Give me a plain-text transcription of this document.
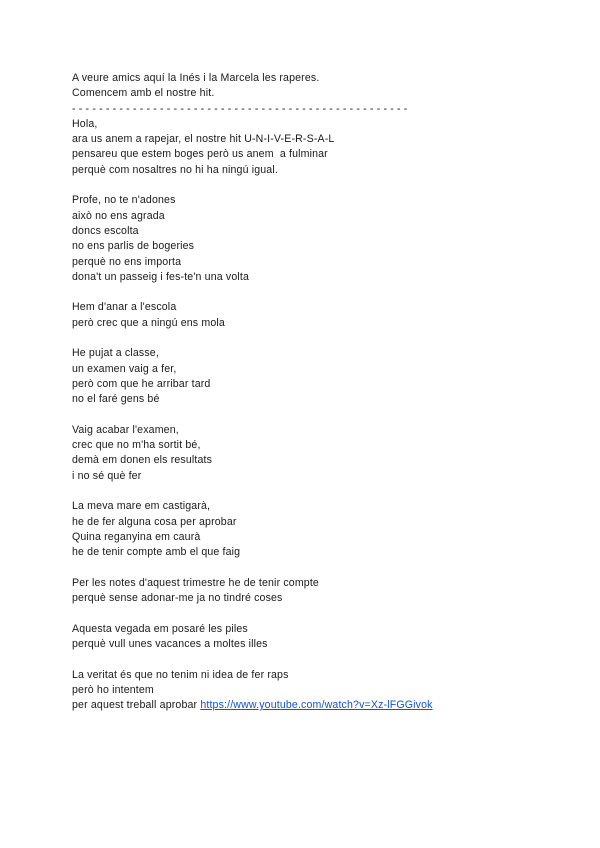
A veure amics aquí la Inés i la Marcela les raperes.
Comencem amb el nostre hit.
- - - - - - - - - - - - - - - - - - - - - - - - - - - - - - - - - - - - - - - - - - - - - - - - - -
Hola,
ara us anem a rapejar, el nostre hit U-N-I-V-E-R-S-A-L
pensareu que estem boges però us anem  a fulminar
perquè com nosaltres no hi ha ningú igual.
Profe, no te n'adones
això no ens agrada
doncs escolta
no ens parlis de bogeries
perquè no ens importa
dona't un passeig i fes-te'n una volta
Hem d'anar a l'escola
però crec que a ningú ens mola
He pujat a classe,
un examen vaig a fer,
però com que he arribar tard
no el faré gens bé
Vaig acabar l'examen,
crec que no m'ha sortit bé,
demà em donen els resultats
i no sé què fer
La meva mare em castigarà,
he de fer alguna cosa per aprobar
Quina reganyina em caurà
he de tenir compte amb el que faig
Per les notes d'aquest trimestre he de tenir compte
perquè sense adonar-me ja no tindré coses
Aquesta vegada em posaré les piles
perquè vull unes vacances a moltes illes
La veritat és que no tenim ni idea de fer raps
però ho intentem
per aquest treball aprobar https://www.youtube.com/watch?v=Xz-lFGGivok
